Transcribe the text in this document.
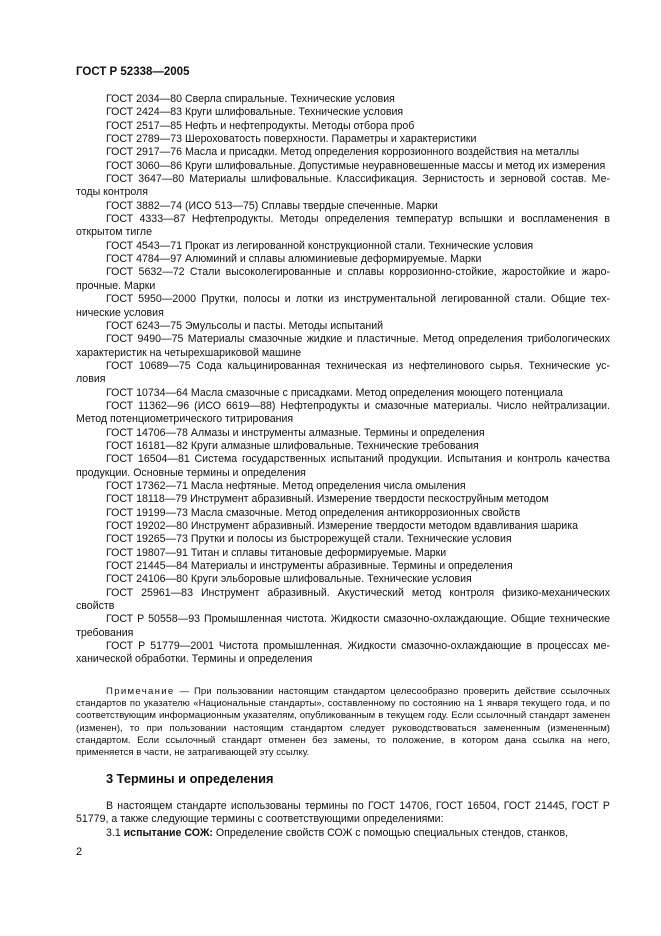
ГОСТ Р 52338—2005
ГОСТ 2034—80 Сверла спиральные. Технические условия
ГОСТ 2424—83 Круги шлифовальные. Технические условия
ГОСТ 2517—85 Нефть и нефтепродукты. Методы отбора проб
ГОСТ 2789—73 Шероховатость поверхности. Параметры и характеристики
ГОСТ 2917—76 Масла и присадки. Метод определения коррозионного воздействия на металлы
ГОСТ 3060—86 Круги шлифовальные. Допустимые неуравновешенные массы и метод их измерения
ГОСТ 3647—80 Материалы шлифовальные. Классификация. Зернистость и зерновой состав. Методы контроля
ГОСТ 3882—74 (ИСО 513—75) Сплавы твердые спеченные. Марки
ГОСТ 4333—87 Нефтепродукты. Методы определения температур вспышки и воспламенения в открытом тигле
ГОСТ 4543—71 Прокат из легированной конструкционной стали. Технические условия
ГОСТ 4784—97 Алюминий и сплавы алюминиевые деформируемые. Марки
ГОСТ 5632—72 Стали высоколегированные и сплавы коррозионно-стойкие, жаростойкие и жаропрочные. Марки
ГОСТ 5950—2000 Прутки, полосы и лотки из инструментальной легированной стали. Общие технические условия
ГОСТ 6243—75 Эмульсолы и пасты. Методы испытаний
ГОСТ 9490—75 Материалы смазочные жидкие и пластичные. Метод определения трибологических характеристик на четырехшариковой машине
ГОСТ 10689—75 Сода кальцинированная техническая из нефтелинового сырья. Технические условия
ГОСТ 10734—64 Масла смазочные с присадками. Метод определения моющего потенциала
ГОСТ 11362—96 (ИСО 6619—88) Нефтепродукты и смазочные материалы. Число нейтрализации. Метод потенциометрического титрирования
ГОСТ 14706—78 Алмазы и инструменты алмазные. Термины и определения
ГОСТ 16181—82 Круги алмазные шлифовальные. Технические требования
ГОСТ 16504—81 Система государственных испытаний продукции. Испытания и контроль качества продукции. Основные термины и определения
ГОСТ 17362—71 Масла нефтяные. Метод определения числа омыления
ГОСТ 18118—79 Инструмент абразивный. Измерение твердости пескоструйным методом
ГОСТ 19199—73 Масла смазочные. Метод определения антикоррозионных свойств
ГОСТ 19202—80 Инструмент абразивный. Измерение твердости методом вдавливания шарика
ГОСТ 19265—73 Прутки и полосы из быстрорежущей стали. Технические условия
ГОСТ 19807—91 Титан и сплавы титановые деформируемые. Марки
ГОСТ 21445—84 Материалы и инструменты абразивные. Термины и определения
ГОСТ 24106—80 Круги эльборовые шлифовальные. Технические условия
ГОСТ 25961—83 Инструмент абразивный. Акустический метод контроля физико-механических свойств
ГОСТ Р 50558—93 Промышленная чистота. Жидкости смазочно-охлаждающие. Общие технические требования
ГОСТ Р 51779—2001 Чистота промышленная. Жидкости смазочно-охлаждающие в процессах механической обработки. Термины и определения
Примечание — При пользовании настоящим стандартом целесообразно проверить действие ссылочных стандартов по указателю «Национальные стандарты», составленному по состоянию на 1 января текущего года, и по соответствующим информационным указателям, опубликованным в текущем году. Если ссылочный стандарт заменен (изменен), то при пользовании настоящим стандартом следует руководствоваться замененным (измененным) стандартом. Если ссылочный стандарт отменен без замены, то положение, в котором дана ссылка на него, применяется в части, не затрагивающей эту ссылку.
3 Термины и определения

В настоящем стандарте использованы термины по ГОСТ 14706, ГОСТ 16504, ГОСТ 21445, ГОСТ Р 51779, а также следующие термины с соответствующими определениями:

3.1 испытание СОЖ: Определение свойств СОЖ с помощью специальных стендов, станков,

2
